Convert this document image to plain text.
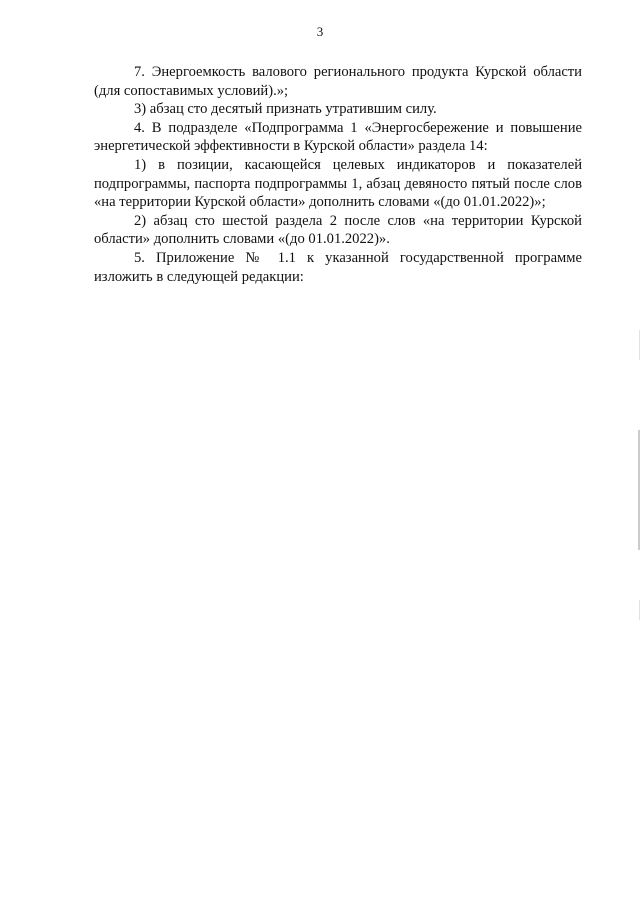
3

7. Энергоемкость валового регионального продукта Курской области (для сопоставимых условий).»;

3) абзац сто десятый признать утратившим силу.

4. В подразделе «Подпрограмма 1 «Энергосбережение и повышение энергетической эффективности в Курской области» раздела 14:

1) в позиции, касающейся целевых индикаторов и показателей подпрограммы, паспорта подпрограммы 1, абзац девяносто пятый после слов «на территории Курской области» дополнить словами «(до 01.01.2022)»;

2) абзац сто шестой раздела 2 после слов «на территории Курской области» дополнить словами «(до 01.01.2022)».

5. Приложение № 1.1 к указанной государственной программе изложить в следующей редакции:
